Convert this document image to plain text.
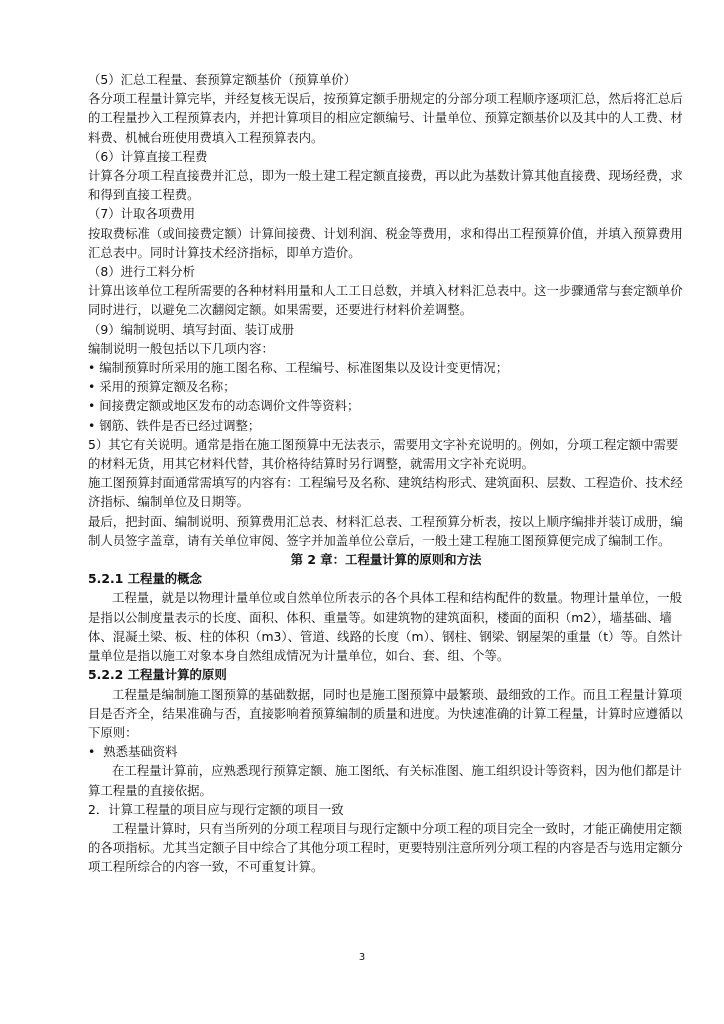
（5）汇总工程量、套预算定额基价（预算单价）

各分项工程量计算完毕，并经复核无误后，按预算定额手册规定的分部分项工程顺序逐项汇总，然后将汇总后的工程量抄入工程预算表内，并把计算项目的相应定额编号、计量单位、预算定额基价以及其中的人工费、材料费、机械台班使用费填入工程预算表内。

（6）计算直接工程费

计算各分项工程直接费并汇总，即为一般土建工程定额直接费，再以此为基数计算其他直接费、现场经费，求和得到直接工程费。

（7）计取各项费用

按取费标准（或间接费定额）计算间接费、计划利润、税金等费用，求和得出工程预算价值，并填入预算费用汇总表中。同时计算技术经济指标，即单方造价。

（8）进行工料分析

计算出该单位工程所需要的各种材料用量和人工工日总数，并填入材料汇总表中。这一步骤通常与套定额单价同时进行，以避免二次翻阅定额。如果需要，还要进行材料价差调整。

（9）编制说明、填写封面、装订成册

编制说明一般包括以下几项内容：

• 编制预算时所采用的施工图名称、工程编号、标准图集以及设计变更情况；

• 采用的预算定额及名称；

• 间接费定额或地区发布的动态调价文件等资料；

• 钢筋、铁件是否已经过调整；

5）其它有关说明。通常是指在施工图预算中无法表示，需要用文字补充说明的。例如，分项工程定额中需要的材料无货，用其它材料代替，其价格待结算时另行调整，就需用文字补充说明。

施工图预算封面通常需填写的内容有：工程编号及名称、建筑结构形式、建筑面积、层数、工程造价、技术经济指标、编制单位及日期等。

最后，把封面、编制说明、预算费用汇总表、材料汇总表、工程预算分析表，按以上顺序编排并装订成册，编制人员签字盖章，请有关单位审阅、签字并加盖单位公章后，一般土建工程施工图预算便完成了编制工作。

第 2 章：工程量计算的原则和方法

5.2.1 工程量的概念

工程量，就是以物理计量单位或自然单位所表示的各个具体工程和结构配件的数量。物理计量单位，一般是指以公制度量表示的长度、面积、体积、重量等。如建筑物的建筑面积，楼面的面积（m2），墙基础、墙体、混凝土梁、板、柱的体积（m3）、管道、线路的长度（m）、钢柱、钢梁、钢屋架的重量（t）等。自然计量单位是指以施工对象本身自然组成情况为计量单位，如台、套、组、个等。

5.2.2 工程量计算的原则

工程量是编制施工图预算的基础数据，同时也是施工图预算中最繁琐、最细致的工作。而且工程量计算项目是否齐全，结果准确与否，直接影响着预算编制的质量和进度。为快速准确的计算工程量，计算时应遵循以下原则：

•  熟悉基础资料

在工程量计算前，应熟悉现行预算定额、施工图纸、有关标准图、施工组织设计等资料，因为他们都是计算工程量的直接依据。

2．计算工程量的项目应与现行定额的项目一致

工程量计算时，只有当所列的分项工程项目与现行定额中分项工程的项目完全一致时，才能正确使用定额的各项指标。尤其当定额子目中综合了其他分项工程时，更要特别注意所列分项工程的内容是否与选用定额分项工程所综合的内容一致，不可重复计算。

3
